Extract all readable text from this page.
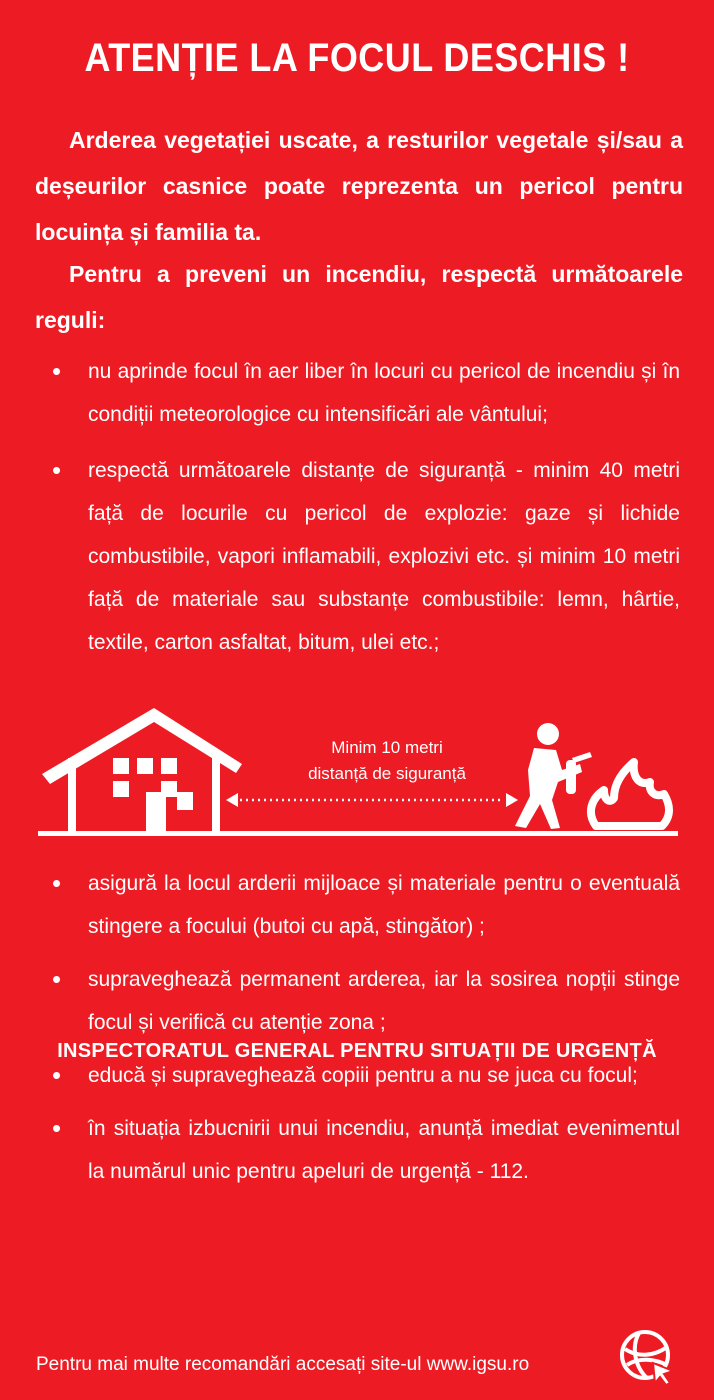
ATENȚIE LA FOCUL DESCHIS !

Arderea vegetației uscate, a resturilor vegetale și/sau a deșeurilor casnice poate reprezenta un pericol pentru locuința și familia ta.

Pentru a preveni un incendiu, respectă următoarele reguli:

• nu aprinde focul în aer liber în locuri cu pericol de incendiu și în condiții meteorologice cu intensificări ale vântului;
• respectă următoarele distanțe de siguranță - minim 40 metri față de locurile cu pericol de explozie: gaze și lichide combustibile, vapori inflamabili, explozivi etc. și minim 10 metri față de materiale sau substanțe combustibile: lemn, hârtie, textile, carton asfaltat, bitum, ulei etc.;
Minim 10 metri
distanță de siguranță
• asigură la locul arderii mijloace și materiale pentru o eventuală stingere a focului (butoi cu apă, stingător) ;
• supraveghează permanent arderea, iar la sosirea nopții stinge focul și verifică cu atenție zona ;
• educă și supraveghează copiii pentru a nu se juca cu focul;
• în situația izbucnirii unui incendiu, anunță imediat evenimentul la numărul unic pentru apeluri de urgență - 112.
INSPECTORATUL GENERAL PENTRU SITUAȚII DE URGENȚĂ
Pentru mai multe recomandări accesați site-ul www.igsu.ro
